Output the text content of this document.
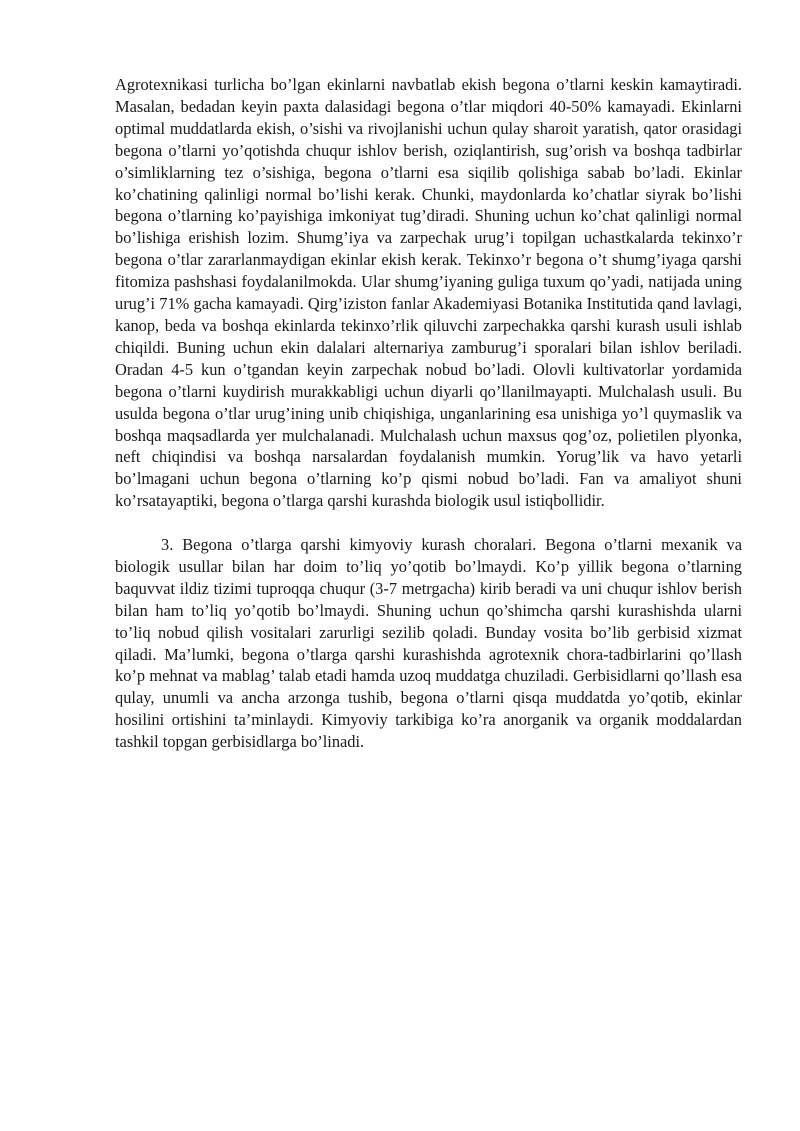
Agrotexnikasi turlicha bo’lgan ekinlarni navbatlab ekish begona o’tlarni keskin kamaytiradi. Masalan, bedadan keyin paxta dalasidagi begona o’tlar miqdori 40-50% kamayadi. Ekinlarni optimal muddatlarda ekish, o’sishi va rivojlanishi uchun qulay sharoit yaratish, qator orasidagi begona o’tlarni yo’qotishda chuqur ishlov berish, oziqlantirish, sug’orish va boshqa tadbirlar o’simliklarning tez o’sishiga, begona o’tlarni esa siqilib qolishiga sabab bo’ladi. Ekinlar ko’chatining qalinligi normal bo’lishi kerak. Chunki, maydonlarda ko’chatlar siyrak bo’lishi begona o’tlarning ko’payishiga imkoniyat tug’diradi. Shuning uchun ko’chat qalinligi normal bo’lishiga erishish lozim. Shumg’iya va zarpechak urug’i topilgan uchastkalarda tekinxo’r begona o’tlar zararlanmaydigan ekinlar ekish kerak. Tekinxo’r begona o’t shumg’iyaga qarshi fitomiza pashshasi foydalanilmokda. Ular shumg’iyaning guliga tuxum qo’yadi, natijada uning urug’i 71% gacha kamayadi. Qirg’iziston fanlar Akademiyasi Botanika Institutida qand lavlagi, kanop, beda va boshqa ekinlarda tekinxo’rlik qiluvchi zarpechakka qarshi kurash usuli ishlab chiqildi. Buning uchun ekin dalalari alternariya zamburug’i sporalari bilan ishlov beriladi. Oradan 4-5 kun o’tgandan keyin zarpechak nobud bo’ladi. Olovli kultivatorlar yordamida begona o’tlarni kuydirish murakkabligi uchun diyarli qo’llanilmayapti. Mulchalash usuli. Bu usulda begona o’tlar urug’ining unib chiqishiga, unganlarining esa unishiga yo’l quymaslik va boshqa maqsadlarda yer mulchalanadi. Mulchalash uchun maxsus qog’oz, polietilen plyonka, neft chiqindisi va boshqa narsalardan foydalanish mumkin. Yorug’lik va havo yetarli bo’lmagani uchun begona o’tlarning ko’p qismi nobud bo’ladi. Fan va amaliyot shuni ko’rsatayaptiki, begona o’tlarga qarshi kurashda biologik usul istiqbollidir.

3. Begona o’tlarga qarshi kimyoviy kurash choralari. Begona o’tlarni mexanik va biologik usullar bilan har doim to’liq yo’qotib bo’lmaydi. Ko’p yillik begona o’tlarning baquvvat ildiz tizimi tuproqqa chuqur (3-7 metrgacha) kirib beradi va uni chuqur ishlov berish bilan ham to’liq yo’qotib bo’lmaydi. Shuning uchun qo’shimcha qarshi kurashishda ularni to’liq nobud qilish vositalari zarurligi sezilib qoladi. Bunday vosita bo’lib gerbisid xizmat qiladi. Ma’lumki, begona o’tlarga qarshi kurashishda agrotexnik chora-tadbirlarini qo’llash ko’p mehnat va mablag’ talab etadi hamda uzoq muddatga chuziladi. Gerbisidlarni qo’llash esa qulay, unumli va ancha arzonga tushib, begona o’tlarni qisqa muddatda yo’qotib, ekinlar hosilini ortishini ta’minlaydi. Kimyoviy tarkibiga ko’ra anorganik va organik moddalardan tashkil topgan gerbisidlarga bo’linadi.
